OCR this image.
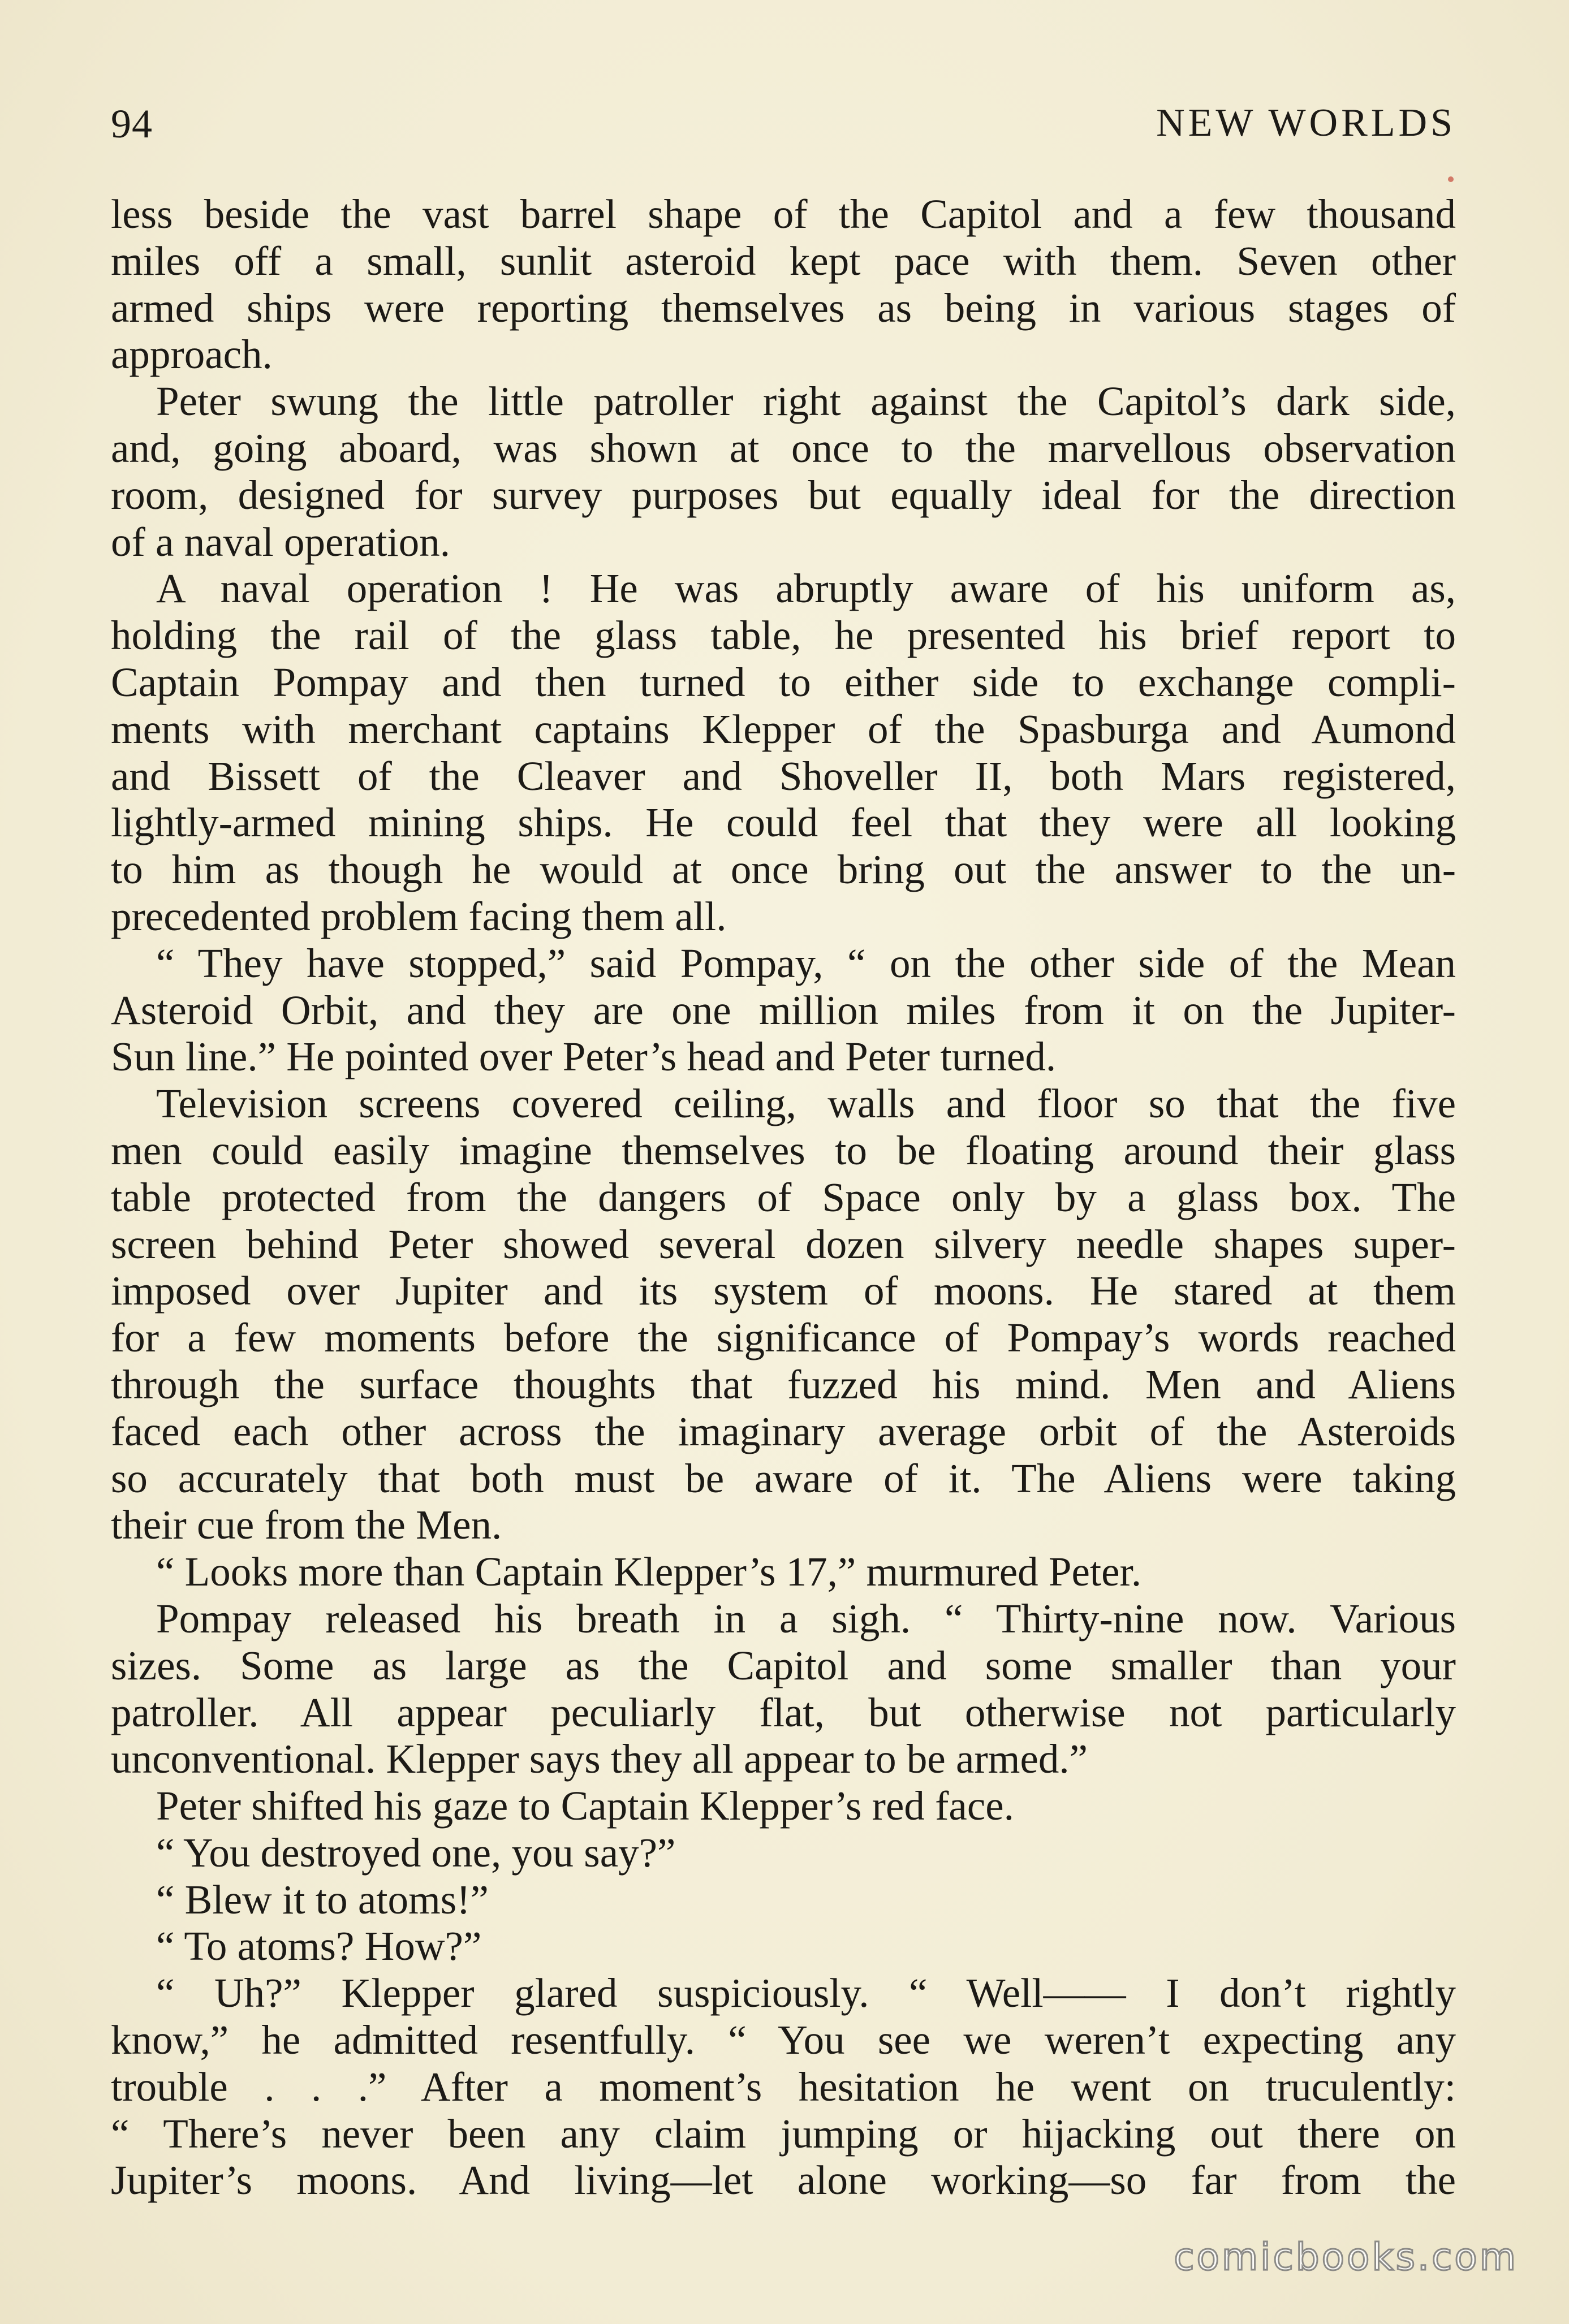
94	NEW WORLDS
less beside the vast barrel shape of the Capitol and a few thousand
miles off a small, sunlit asteroid kept pace with them. Seven other
armed ships were reporting themselves as being in various stages of
approach.
Peter swung the little patroller right against the Capitol’s dark side,
and, going aboard, was shown at once to the marvellous observation
room, designed for survey purposes but equally ideal for the direction
of a naval operation.
A naval operation ! He was abruptly aware of his uniform as,
holding the rail of the glass table, he presented his brief report to
Captain Pompay and then turned to either side to exchange compli-
ments with merchant captains Klepper of the Spasburga and Aumond
and Bissett of the Cleaver and Shoveller II, both Mars registered,
lightly-armed mining ships. He could feel that they were all looking
to him as though he would at once bring out the answer to the un-
precedented problem facing them all.
“ They have stopped,” said Pompay, “ on the other side of the Mean
Asteroid Orbit, and they are one million miles from it on the Jupiter-
Sun line.” He pointed over Peter’s head and Peter turned.
Television screens covered ceiling, walls and floor so that the five
men could easily imagine themselves to be floating around their glass
table protected from the dangers of Space only by a glass box. The
screen behind Peter showed several dozen silvery needle shapes super-
imposed over Jupiter and its system of moons. He stared at them
for a few moments before the significance of Pompay’s words reached
through the surface thoughts that fuzzed his mind. Men and Aliens
faced each other across the imaginary average orbit of the Asteroids
so accurately that both must be aware of it. The Aliens were taking
their cue from the Men.
“ Looks more than Captain Klepper’s 17,” murmured Peter.
Pompay released his breath in a sigh. “ Thirty-nine now. Various
sizes. Some as large as the Capitol and some smaller than your
patroller. All appear peculiarly flat, but otherwise not particularly
unconventional. Klepper says they all appear to be armed.”
Peter shifted his gaze to Captain Klepper’s red face.
“ You destroyed one, you say?”
“ Blew it to atoms!”
“ To atoms? How?”
“ Uh?” Klepper glared suspiciously. “ Well—— I don’t rightly
know,” he admitted resentfully. “ You see we weren’t expecting any
trouble . . .” After a moment’s hesitation he went on truculently:
“ There’s never been any claim jumping or hijacking out there on
Jupiter’s moons. And living—let alone working—so far from the
comicbooks.com
